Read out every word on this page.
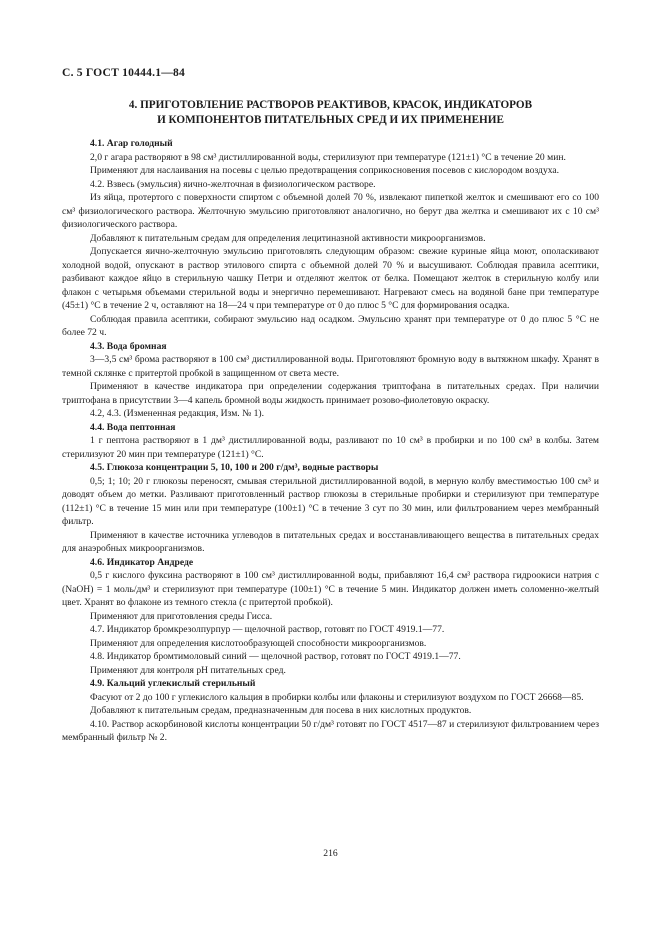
С. 5 ГОСТ 10444.1—84
4. ПРИГОТОВЛЕНИЕ РАСТВОРОВ РЕАКТИВОВ, КРАСОК, ИНДИКАТОРОВ
И КОМПОНЕНТОВ ПИТАТЕЛЬНЫХ СРЕД И ИХ ПРИМЕНЕНИЕ

4.1. Агар голодный

2,0 г агара растворяют в 98 см³ дистиллированной воды, стерилизуют при температуре (121±1) °С в течение 20 мин.

Применяют для наслаивания на посевы с целью предотвращения соприкосновения посевов с кислородом воздуха.

4.2. Взвесь (эмульсия) яично-желточная в физиологическом растворе.

Из яйца, протертого с поверхности спиртом с объемной долей 70 %, извлекают пипеткой желток и смешивают его со 100 см³ физиологического раствора. Желточную эмульсию приготовляют аналогично, но берут два желтка и смешивают их с 10 см³ физиологического раствора.

Добавляют к питательным средам для определения лецитиназной активности микроорганизмов.

Допускается яично-желточную эмульсию приготовлять следующим образом: свежие куриные яйца моют, ополаскивают холодной водой, опускают в раствор этилового спирта с объемной долей 70 % и высушивают. Соблюдая правила асептики, разбивают каждое яйцо в стерильную чашку Петри и отделяют желток от белка. Помещают желток в стерильную колбу или флакон с четырьмя объемами стерильной воды и энергично перемешивают. Нагревают смесь на водяной бане при температуре (45±1) °С в течение 2 ч, оставляют на 18—24 ч при температуре от 0 до плюс 5 °С для формирования осадка.

Соблюдая правила асептики, собирают эмульсию над осадком. Эмульсию хранят при температуре от 0 до плюс 5 °С не более 72 ч.

4.3. Вода бромная

3—3,5 см³ брома растворяют в 100 см³ дистиллированной воды. Приготовляют бромную воду в вытяжном шкафу. Хранят в темной склянке с притертой пробкой в защищенном от света месте.

Применяют в качестве индикатора при определении содержания триптофана в питательных средах. При наличии триптофана в присутствии 3—4 капель бромной воды жидкость принимает розово-фиолетовую окраску.

4.2, 4.3. (Измененная редакция, Изм. № 1).

4.4. Вода пептонная

1 г пептона растворяют в 1 дм³ дистиллированной воды, разливают по 10 см³ в пробирки и по 100 см³ в колбы. Затем стерилизуют 20 мин при температуре (121±1) °С.

4.5. Глюкоза концентрации 5, 10, 100 и 200 г/дм³, водные растворы

0,5; 1; 10; 20 г глюкозы переносят, смывая стерильной дистиллированной водой, в мерную колбу вместимостью 100 см³ и доводят объем до метки. Разливают приготовленный раствор глюкозы в стерильные пробирки и стерилизуют при температуре (112±1) °С в течение 15 мин или при температуре (100±1) °С в течение 3 сут по 30 мин, или фильтрованием через мембранный фильтр.

Применяют в качестве источника углеводов в питательных средах и восстанавливающего вещества в питательных средах для анаэробных микроорганизмов.

4.6. Индикатор Андреде

0,5 г кислого фуксина растворяют в 100 см³ дистиллированной воды, прибавляют 16,4 см³ раствора гидроокиси натрия c (NaOH) = 1 моль/дм³ и стерилизуют при температуре (100±1) °С в течение 5 мин. Индикатор должен иметь соломенно-желтый цвет. Хранят во флаконе из темного стекла (с притертой пробкой).

Применяют для приготовления среды Гисса.

4.7. Индикатор бромкрезолпурпур — щелочной раствор, готовят по ГОСТ 4919.1—77.

Применяют для определения кислотообразующей способности микроорганизмов.

4.8. Индикатор бромтимоловый синий — щелочной раствор, готовят по ГОСТ 4919.1—77.

Применяют для контроля pH питательных сред.

4.9. Кальций углекислый стерильный

Фасуют от 2 до 100 г углекислого кальция в пробирки колбы или флаконы и стерилизуют воздухом по ГОСТ 26668—85.

Добавляют к питательным средам, предназначенным для посева в них кислотных продуктов.

4.10. Раствор аскорбиновой кислоты концентрации 50 г/дм³ готовят по ГОСТ 4517—87 и стерилизуют фильтрованием через мембранный фильтр № 2.

216
